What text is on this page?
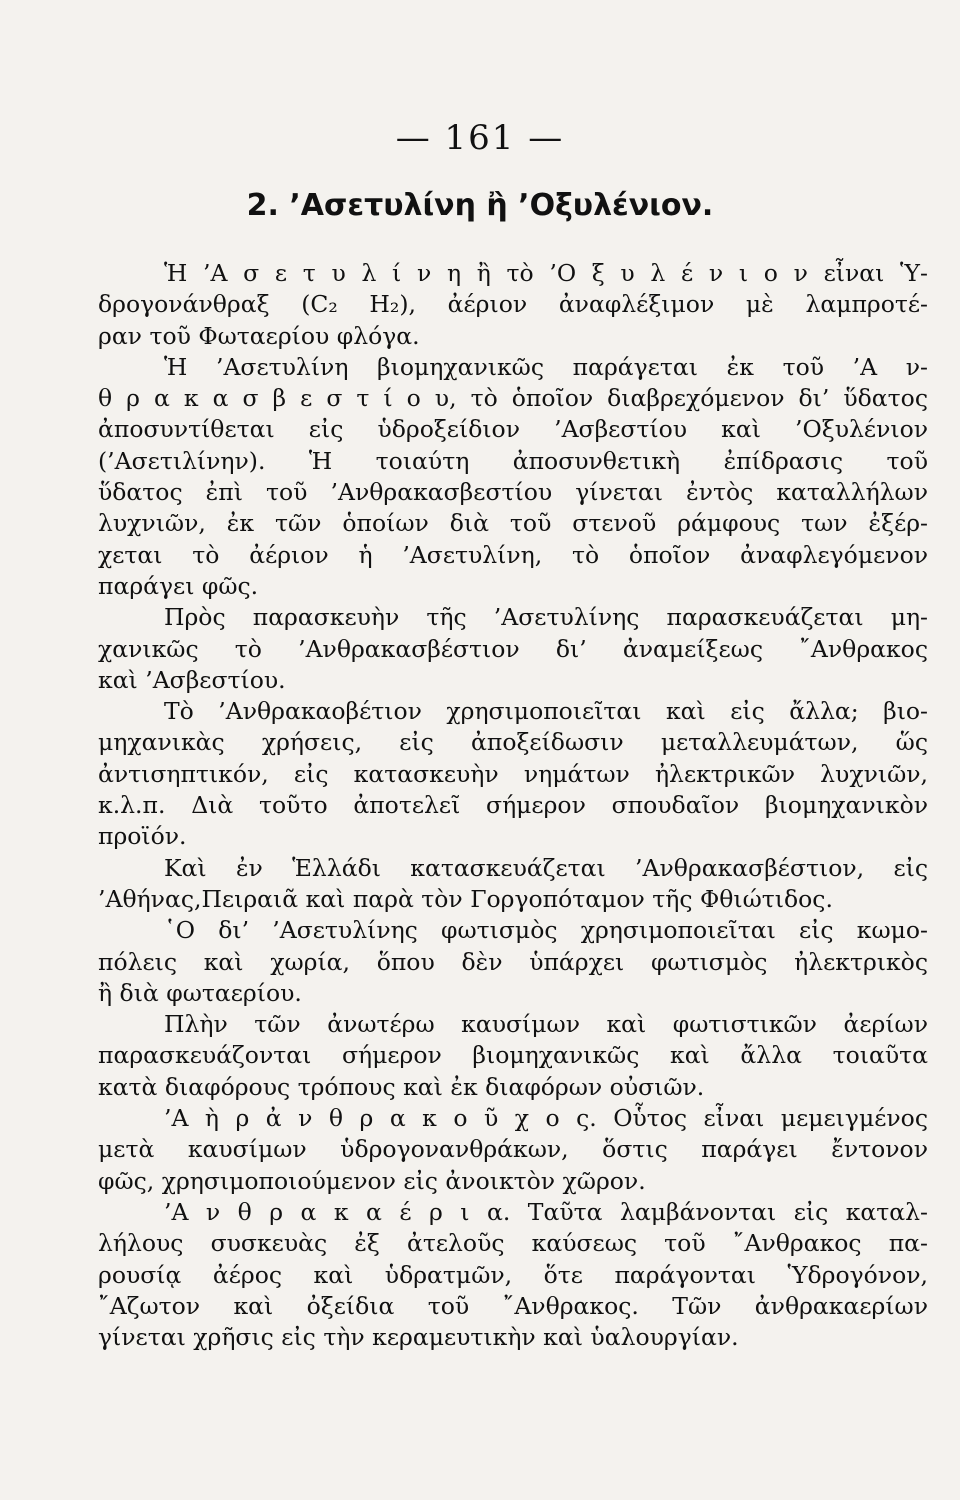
— 161 —
2. ’Ασετυλίνη ἢ ’Οξυλένιον.
Ἡ ’Α σ ε τ υ λ ί ν η ἢ τὸ ’Ο ξ υ λ έ ν ι ο ν εἶναι Ὑ-
δρογονάνθραξ (C₂ H₂), ἀέριον ἀναφλέξιμον μὲ λαμπροτέ-
ραν τοῦ Φωταερίου φλόγα.
Ἡ ’Ασετυλίνη βιομηχανικῶς παράγεται ἐκ τοῦ ’Α ν-
θ ρ α κ α σ β ε σ τ ί ο υ, τὸ ὁποῖον διαβρεχόμενον δι’ ὕδατος
ἀποσυντίθεται εἰς ὑδροξείδιον ’Ασβεστίου καὶ ’Οξυλένιον
(’Ασετιλίνην). Ἡ τοιαύτη ἀποσυνθετικὴ ἐπίδρασις τοῦ
ὕδατος ἐπὶ τοῦ ’Ανθρακασβεστίου γίνεται ἐντὸς καταλλήλων
λυχνιῶν, ἐκ τῶν ὁποίων διὰ τοῦ στενοῦ ράμφους των ἐξέρ-
χεται τὸ ἀέριον ἡ ’Ασετυλίνη, τὸ ὁποῖον ἀναφλεγόμενον
παράγει φῶς.
Πρὸς παρασκευὴν τῆς ’Ασετυλίνης παρασκευάζεται μη-
χανικῶς τὸ ’Ανθρακασβέστιον δι’ ἀναμείξεως ῎Ανθρακος
καὶ ’Ασβεστίου.
Τὸ ’Ανθρακαοβέτιον χρησιμοποιεῖται καὶ εἰς ἄλλα; βιο-
μηχανικὰς χρήσεις, εἰς ἀποξείδωσιν μεταλλευμάτων, ὥς
ἀντισηπτικόν, εἰς κατασκευὴν νημάτων ἠλεκτρικῶν λυχνιῶν,
κ.λ.π. Διὰ τοῦτο ἀποτελεῖ σήμερον σπουδαῖον βιομηχανικὸν
προϊόν.
Καὶ ἐν Ἑλλάδι κατασκευάζεται ’Ανθρακασβέστιον, εἰς
’Αθήνας,Πειραιᾶ καὶ παρὰ τὸν Γοργοπόταμον τῆς Φθιώτιδος.
῾Ο δι’ ’Ασετυλίνης φωτισμὸς χρησιμοποιεῖται εἰς κωμο-
πόλεις καὶ χωρία, ὅπου δὲν ὑπάρχει φωτισμὸς ἠλεκτρικὸς
ἢ διὰ φωταερίου.
Πλὴν τῶν ἀνωτέρω καυσίμων καὶ φωτιστικῶν ἀερίων
παρασκευάζονται σήμερον βιομηχανικῶς καὶ ἄλλα τοιαῦτα
κατὰ διαφόρους τρόπους καὶ ἐκ διαφόρων οὐσιῶν.
’Α ὴ ρ ἀ ν θ ρ α κ ο ῦ χ ο ς. Οὗτος εἶναι μεμειγμένος
μετὰ καυσίμων ὑδρογονανθράκων, ὅστις παράγει ἔντονον
φῶς, χρησιμοποιούμενον εἰς ἀνοικτὸν χῶρον.
’Α ν θ ρ α κ α έ ρ ι α. Ταῦτα λαμβάνονται εἰς καταλ-
λήλους συσκευὰς ἐξ ἀτελοῦς καύσεως τοῦ ῎Ανθρακος πα-
ρουσίᾳ ἀέρος καὶ ὑδρατμῶν, ὅτε παράγονται Ὑδρογόνον,
῎Αζωτον καὶ ὀξείδια τοῦ ῎Ανθρακος. Τῶν ἀνθρακαερίων
γίνεται χρῆσις εἰς τὴν κεραμευτικὴν καὶ ὑαλουργίαν.
